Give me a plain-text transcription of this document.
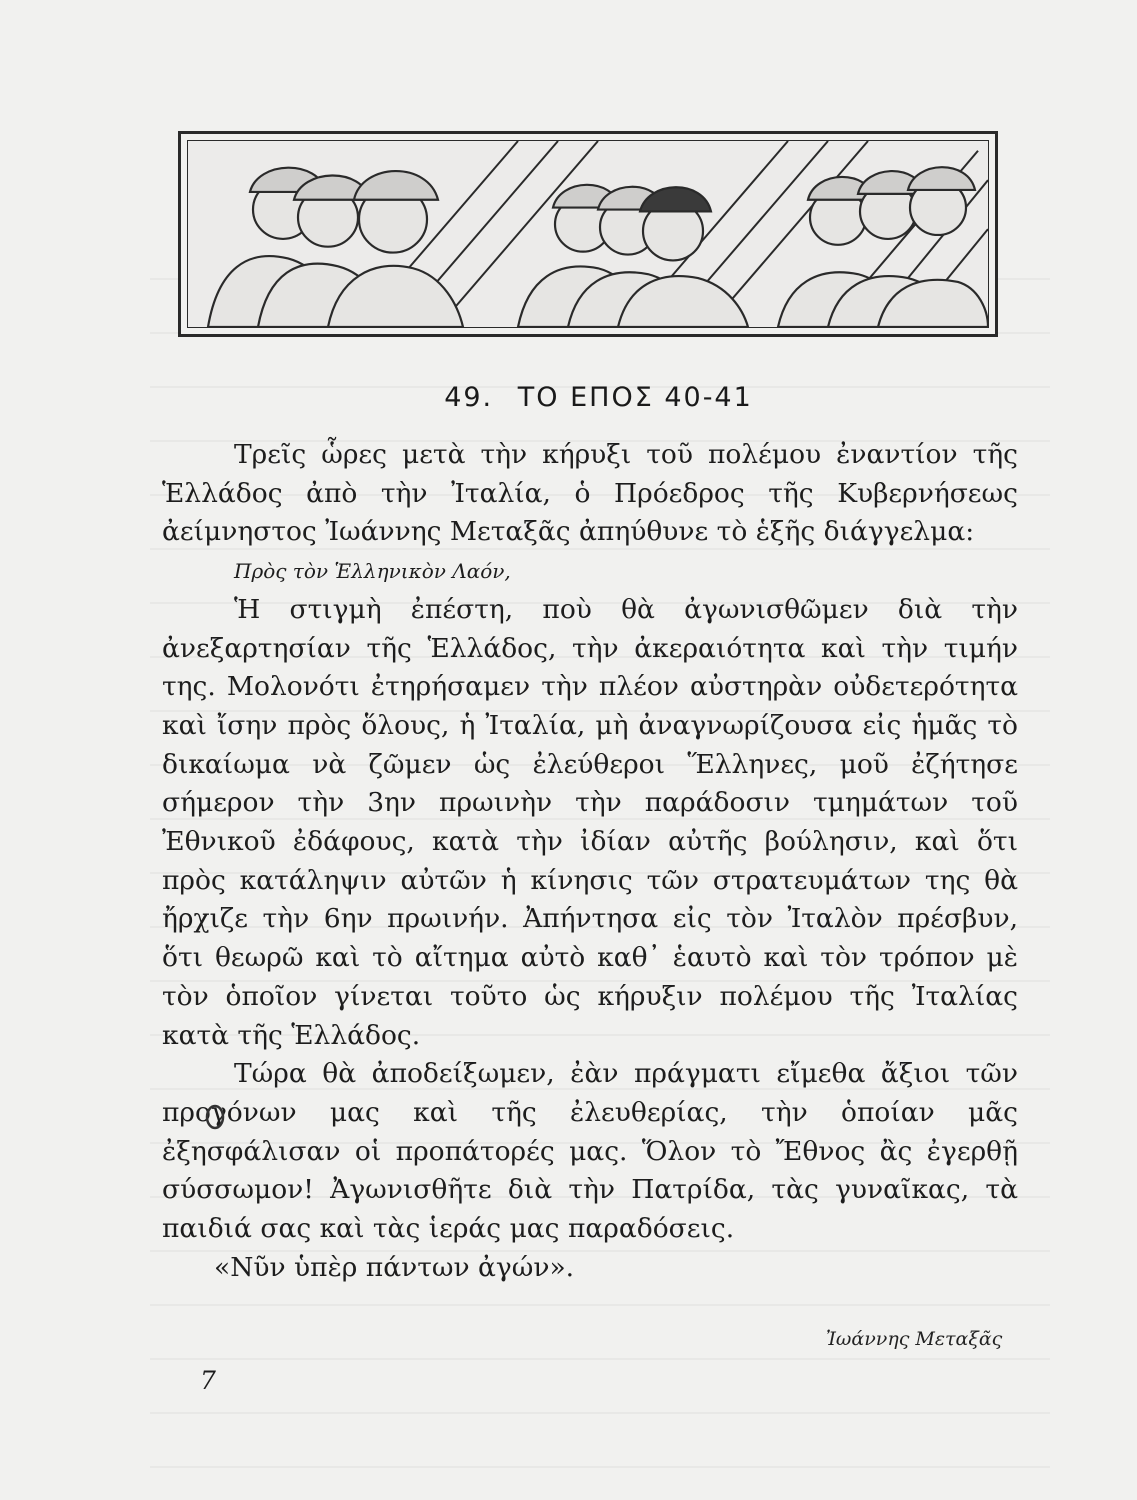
49. ΤΟ ΕΠΟΣ 40-41

Τρεῖς ὧρες μετὰ τὴν κήρυξι τοῦ πολέμου ἐναντίον τῆς Ἑλλάδος ἀπὸ τὴν Ἰταλία, ὁ Πρόεδρος τῆς Κυβερνήσεως ἀείμνηστος Ἰωάννης Μεταξᾶς ἀπηύθυνε τὸ ἑξῆς διάγγελμα:

Πρὸς τὸν Ἑλληνικὸν Λαόν,

Ἡ στιγμὴ ἐπέστη, ποὺ θὰ ἀγωνισθῶμεν διὰ τὴν ἀνεξαρτησίαν τῆς Ἑλλάδος, τὴν ἀκεραιότητα καὶ τὴν τιμήν της. Μολονότι ἐτηρήσαμεν τὴν πλέον αὐστηρὰν οὐδετερότητα καὶ ἴσην πρὸς ὅλους, ἡ Ἰταλία, μὴ ἀναγνωρίζουσα εἰς ἡμᾶς τὸ δικαίωμα νὰ ζῶμεν ὡς ἐλεύθεροι Ἕλληνες, μοῦ ἐζήτησε σήμερον τὴν 3ην πρωινὴν τὴν παράδοσιν τμημάτων τοῦ Ἐθνικοῦ ἐδάφους, κατὰ τὴν ἰδίαν αὐτῆς βούλησιν, καὶ ὅτι πρὸς κατάληψιν αὐτῶν ἡ κίνησις τῶν στρατευμάτων της θὰ ἤρχιζε τὴν 6ην πρωινήν. Ἀπήντησα εἰς τὸν Ἰταλὸν πρέσβυν, ὅτι θεωρῶ καὶ τὸ αἴτημα αὐτὸ καθ᾿ ἑαυτὸ καὶ τὸν τρόπον μὲ τὸν ὁποῖον γίνεται τοῦτο ὡς κήρυξιν πολέμου τῆς Ἰταλίας κατὰ τῆς Ἑλλάδος.

Τώρα θὰ ἀποδείξωμεν, ἐὰν πράγματι εἴμεθα ἄξιοι τῶν προγόνων μας καὶ τῆς ἐλευθερίας, τὴν ὁποίαν μᾶς ἐξησφάλισαν οἱ προπάτορές μας. Ὅλον τὸ Ἔθνος ἂς ἐγερθῇ σύσσωμον! Ἀγωνισθῆτε διὰ τὴν Πατρίδα, τὰς γυναῖκας, τὰ παιδιά σας καὶ τὰς ἱεράς μας παραδόσεις.

«Νῦν ὑπὲρ πάντων ἀγών».

Ἰωάννης Μεταξᾶς
7
